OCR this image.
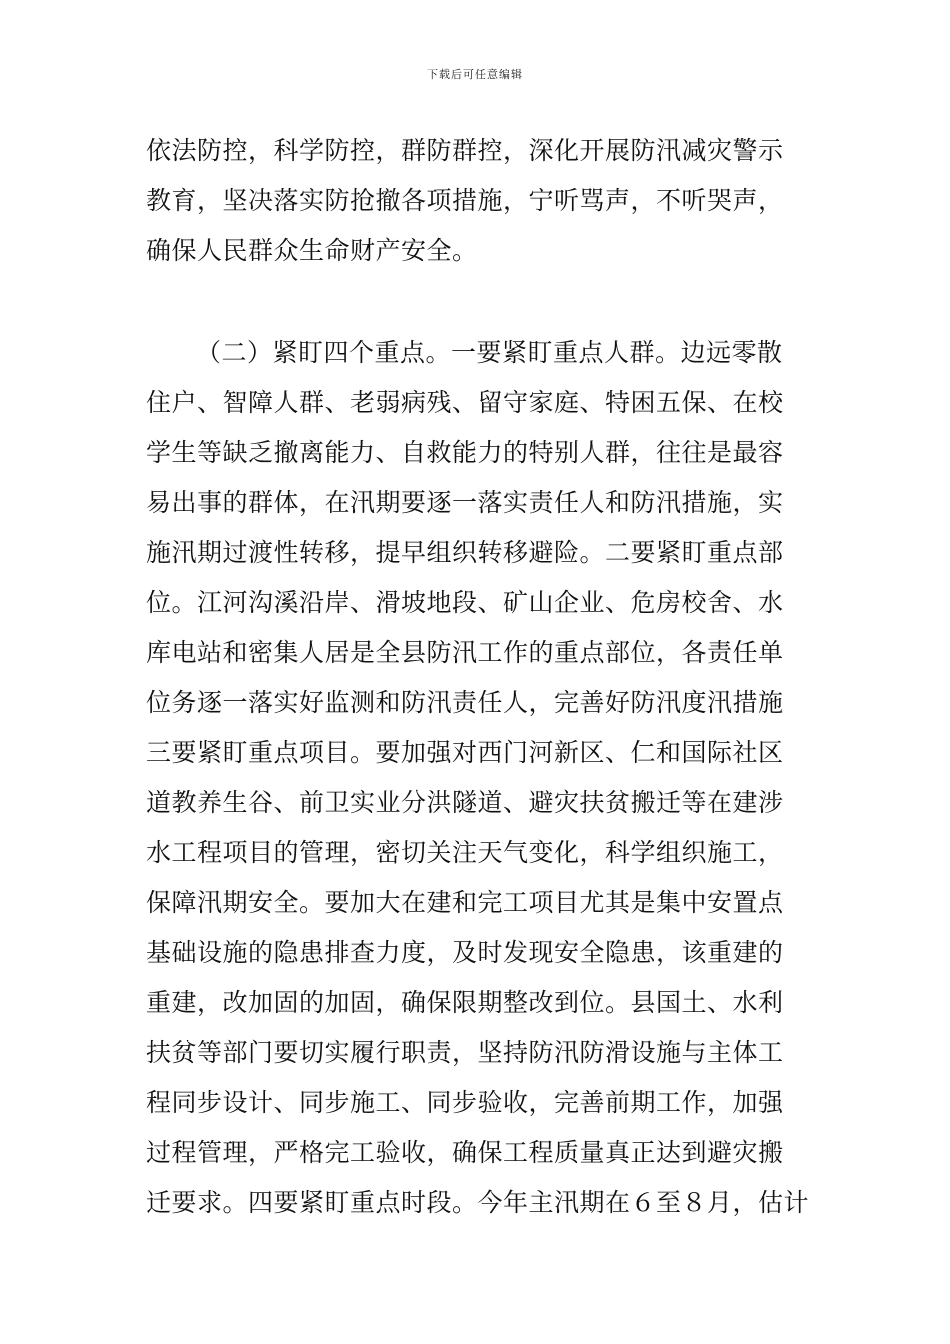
下载后可任意编辑
依法防控，科学防控，群防群控，深化开展防汛减灾警示
教育，坚决落实防抢撤各项措施，宁听骂声，不听哭声，
确保人民群众生命财产安全。
（二）紧盯四个重点。一要紧盯重点人群。边远零散
住户、智障人群、老弱病残、留守家庭、特困五保、在校
学生等缺乏撤离能力、自救能力的特别人群，往往是最容
易出事的群体，在汛期要逐一落实责任人和防汛措施，实
施汛期过渡性转移，提早组织转移避险。二要紧盯重点部
位。江河沟溪沿岸、滑坡地段、矿山企业、危房校舍、水
库电站和密集人居是全县防汛工作的重点部位，各责任单
位务逐一落实好监测和防汛责任人，完善好防汛度汛措施
三要紧盯重点项目。要加强对西门河新区、仁和国际社区
道教养生谷、前卫实业分洪隧道、避灾扶贫搬迁等在建涉
水工程项目的管理，密切关注天气变化，科学组织施工，
保障汛期安全。要加大在建和完工项目尤其是集中安置点
基础设施的隐患排查力度，及时发现安全隐患，该重建的
重建，改加固的加固，确保限期整改到位。县国土、水利
扶贫等部门要切实履行职责，坚持防汛防滑设施与主体工
程同步设计、同步施工、同步验收，完善前期工作，加强
过程管理，严格完工验收，确保工程质量真正达到避灾搬
迁要求。四要紧盯重点时段。今年主汛期在６至８月，估计
